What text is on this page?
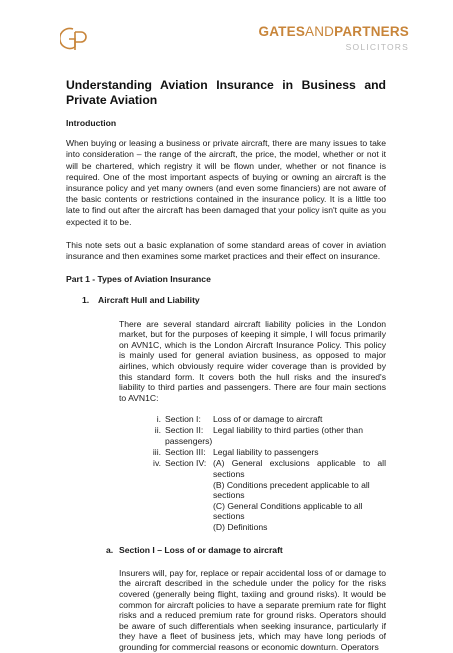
GATESANDPARTNERS
SOLICITORS
Understanding Aviation Insurance in Business and Private Aviation

Introduction

When buying or leasing a business or private aircraft, there are many issues to take into consideration – the range of the aircraft, the price, the model, whether or not it will be chartered, which registry it will be flown under, whether or not finance is required. One of the most important aspects of buying or owning an aircraft is the insurance policy and yet many owners (and even some financiers) are not aware of the basic contents or restrictions contained in the insurance policy. It is a little too late to find out after the aircraft has been damaged that your policy isn't quite as you expected it to be.

This note sets out a basic explanation of some standard areas of cover in aviation insurance and then examines some market practices and their effect on insurance.

Part 1 - Types of Aviation Insurance

1. Aircraft Hull and Liability

There are several standard aircraft liability policies in the London market, but for the purposes of keeping it simple, I will focus primarily on AVN1C, which is the London Aircraft Insurance Policy. This policy is mainly used for general aviation business, as opposed to major airlines, which obviously require wider coverage than is provided by this standard form. It covers both the hull risks and the insured's liability to third parties and passengers. There are four main sections to AVN1C:

i. Section I:	Loss of or damage to aircraft
ii. Section II:	Legal liability to third parties (other than
passengers)
iii. Section III: Legal liability to passengers
iv. Section IV: (A) General exclusions applicable to all sections
(B) Conditions precedent applicable to all
sections
(C) General Conditions applicable to all sections
(D) Definitions

a. Section I – Loss of or damage to aircraft

Insurers will, pay for, replace or repair accidental loss of or damage to the aircraft described in the schedule under the policy for the risks covered (generally being flight, taxiing and ground risks). It would be common for aircraft policies to have a separate premium rate for flight risks and a reduced premium rate for ground risks. Operators should be aware of such differentials when seeking insurance, particularly if they have a fleet of business jets, which may have long periods of grounding for commercial reasons or economic downturn. Operators
